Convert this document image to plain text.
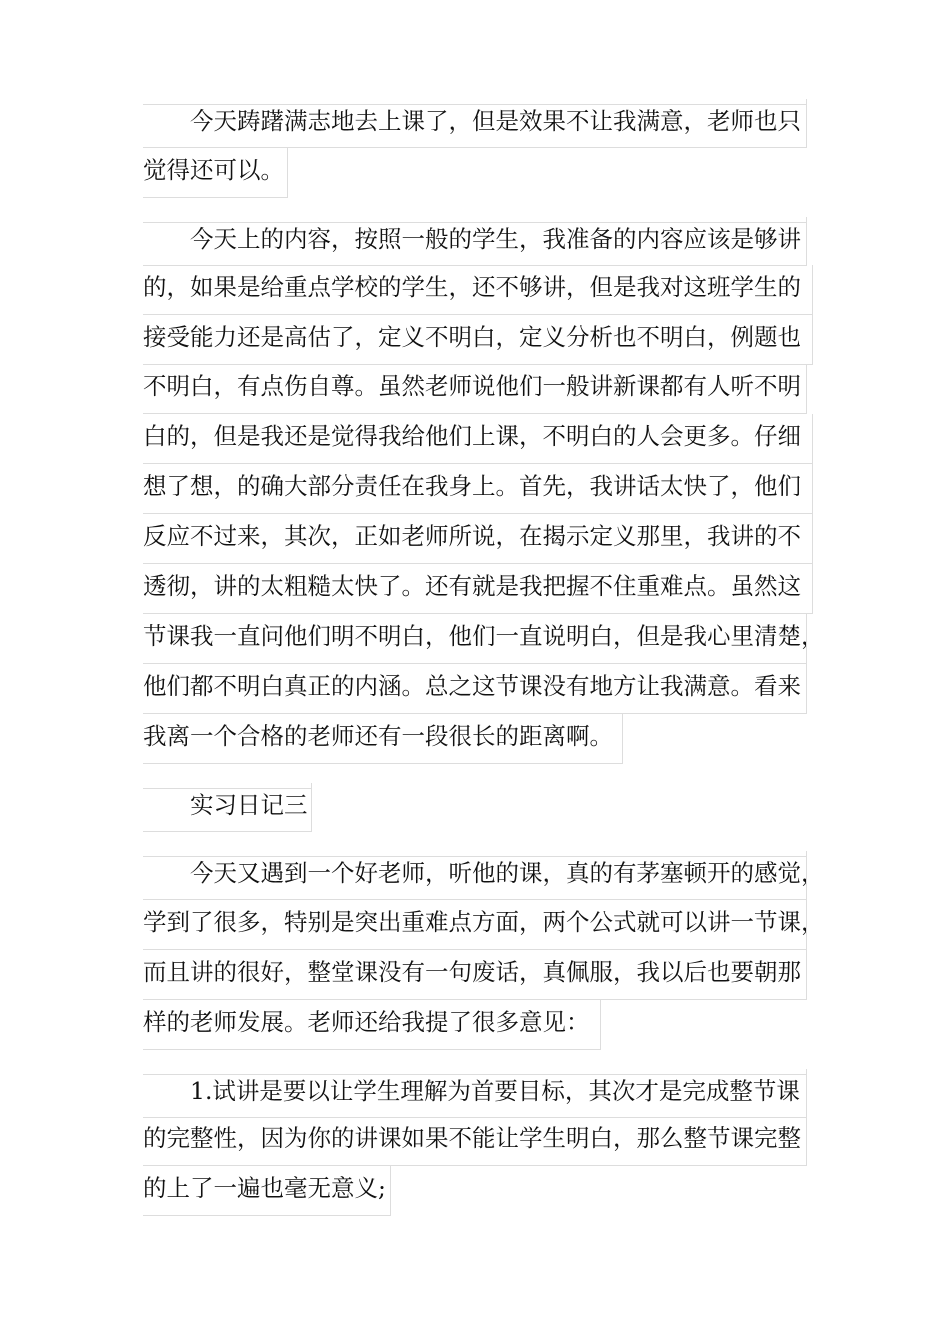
今天踌躇满志地去上课了，但是效果不让我满意，老师也只
觉得还可以。
今天上的内容，按照一般的学生，我准备的内容应该是够讲
的，如果是给重点学校的学生，还不够讲，但是我对这班学生的
接受能力还是高估了，定义不明白，定义分析也不明白，例题也
不明白，有点伤自尊。虽然老师说他们一般讲新课都有人听不明
白的，但是我还是觉得我给他们上课，不明白的人会更多。仔细
想了想，的确大部分责任在我身上。首先，我讲话太快了，他们
反应不过来，其次，正如老师所说，在揭示定义那里，我讲的不
透彻，讲的太粗糙太快了。还有就是我把握不住重难点。虽然这
节课我一直问他们明不明白，他们一直说明白，但是我心里清楚，
他们都不明白真正的内涵。总之这节课没有地方让我满意。看来
我离一个合格的老师还有一段很长的距离啊。
实习日记三
今天又遇到一个好老师，听他的课，真的有茅塞顿开的感觉，
学到了很多，特别是突出重难点方面，两个公式就可以讲一节课，
而且讲的很好，整堂课没有一句废话，真佩服，我以后也要朝那
样的老师发展。老师还给我提了很多意见：
1.试讲是要以让学生理解为首要目标，其次才是完成整节课
的完整性，因为你的讲课如果不能让学生明白，那么整节课完整
的上了一遍也毫无意义;
